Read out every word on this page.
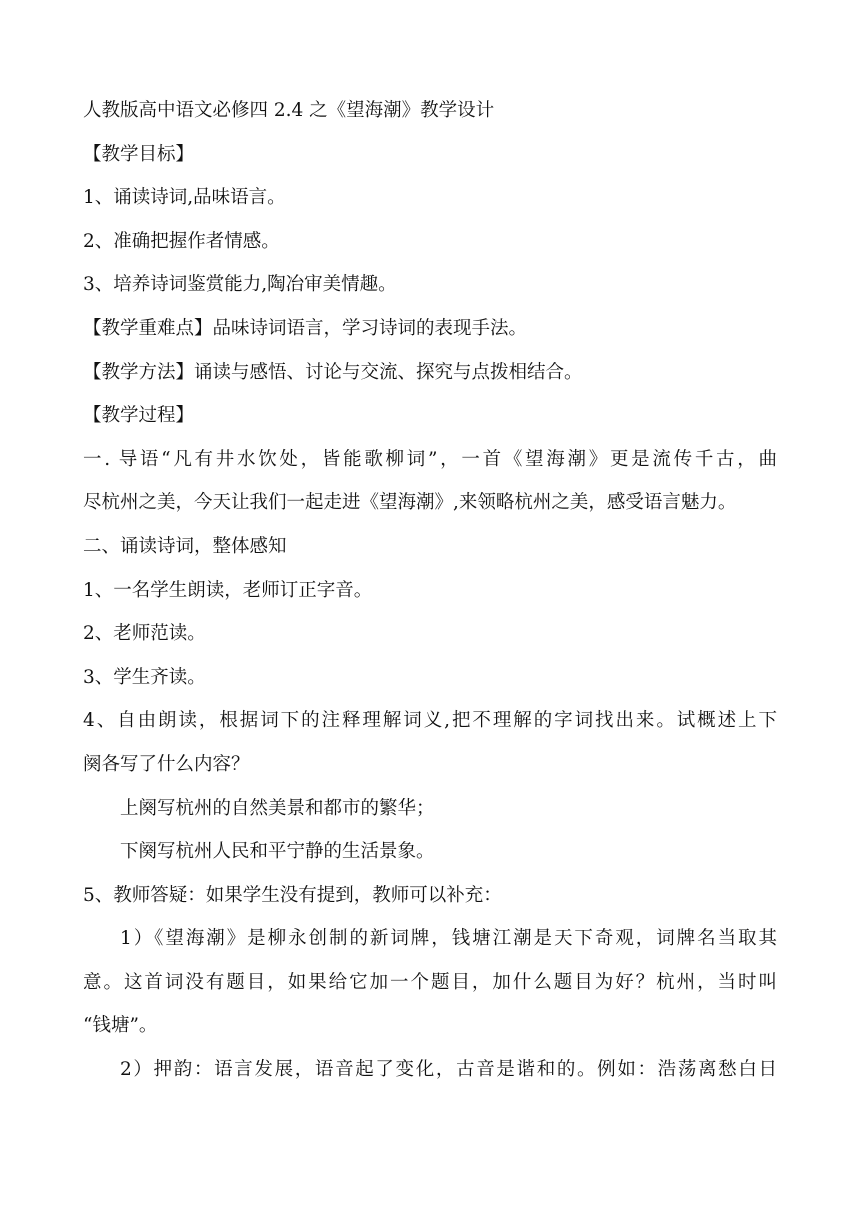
人教版高中语文必修四 2.4 之《望海潮》教学设计

【教学目标】

1、诵读诗词,品味语言。

2、准确把握作者情感。

3、培养诗词鉴赏能力,陶冶审美情趣。

【教学重难点】品味诗词语言，学习诗词的表现手法。

【教学方法】诵读与感悟、讨论与交流、探究与点拨相结合。

【教学过程】

一. 导语“凡有井水饮处，皆能歌柳词”，一首《望海潮》更是流传千古，曲

尽杭州之美，今天让我们一起走进《望海潮》,来领略杭州之美，感受语言魅力。

二、诵读诗词，整体感知

1、一名学生朗读，老师订正字音。

2、老师范读。

3、学生齐读。

4、自由朗读，根据词下的注释理解词义,把不理解的字词找出来。试概述上下

阕各写了什么内容？

上阕写杭州的自然美景和都市的繁华；

下阕写杭州人民和平宁静的生活景象。

5、教师答疑：如果学生没有提到，教师可以补充：

1）《望海潮》是柳永创制的新词牌，钱塘江潮是天下奇观，词牌名当取其

意。这首词没有题目，如果给它加一个题目，加什么题目为好？杭州，当时叫

“钱塘”。

2）押韵：语言发展，语音起了变化，古音是谐和的。例如：浩荡离愁白日
